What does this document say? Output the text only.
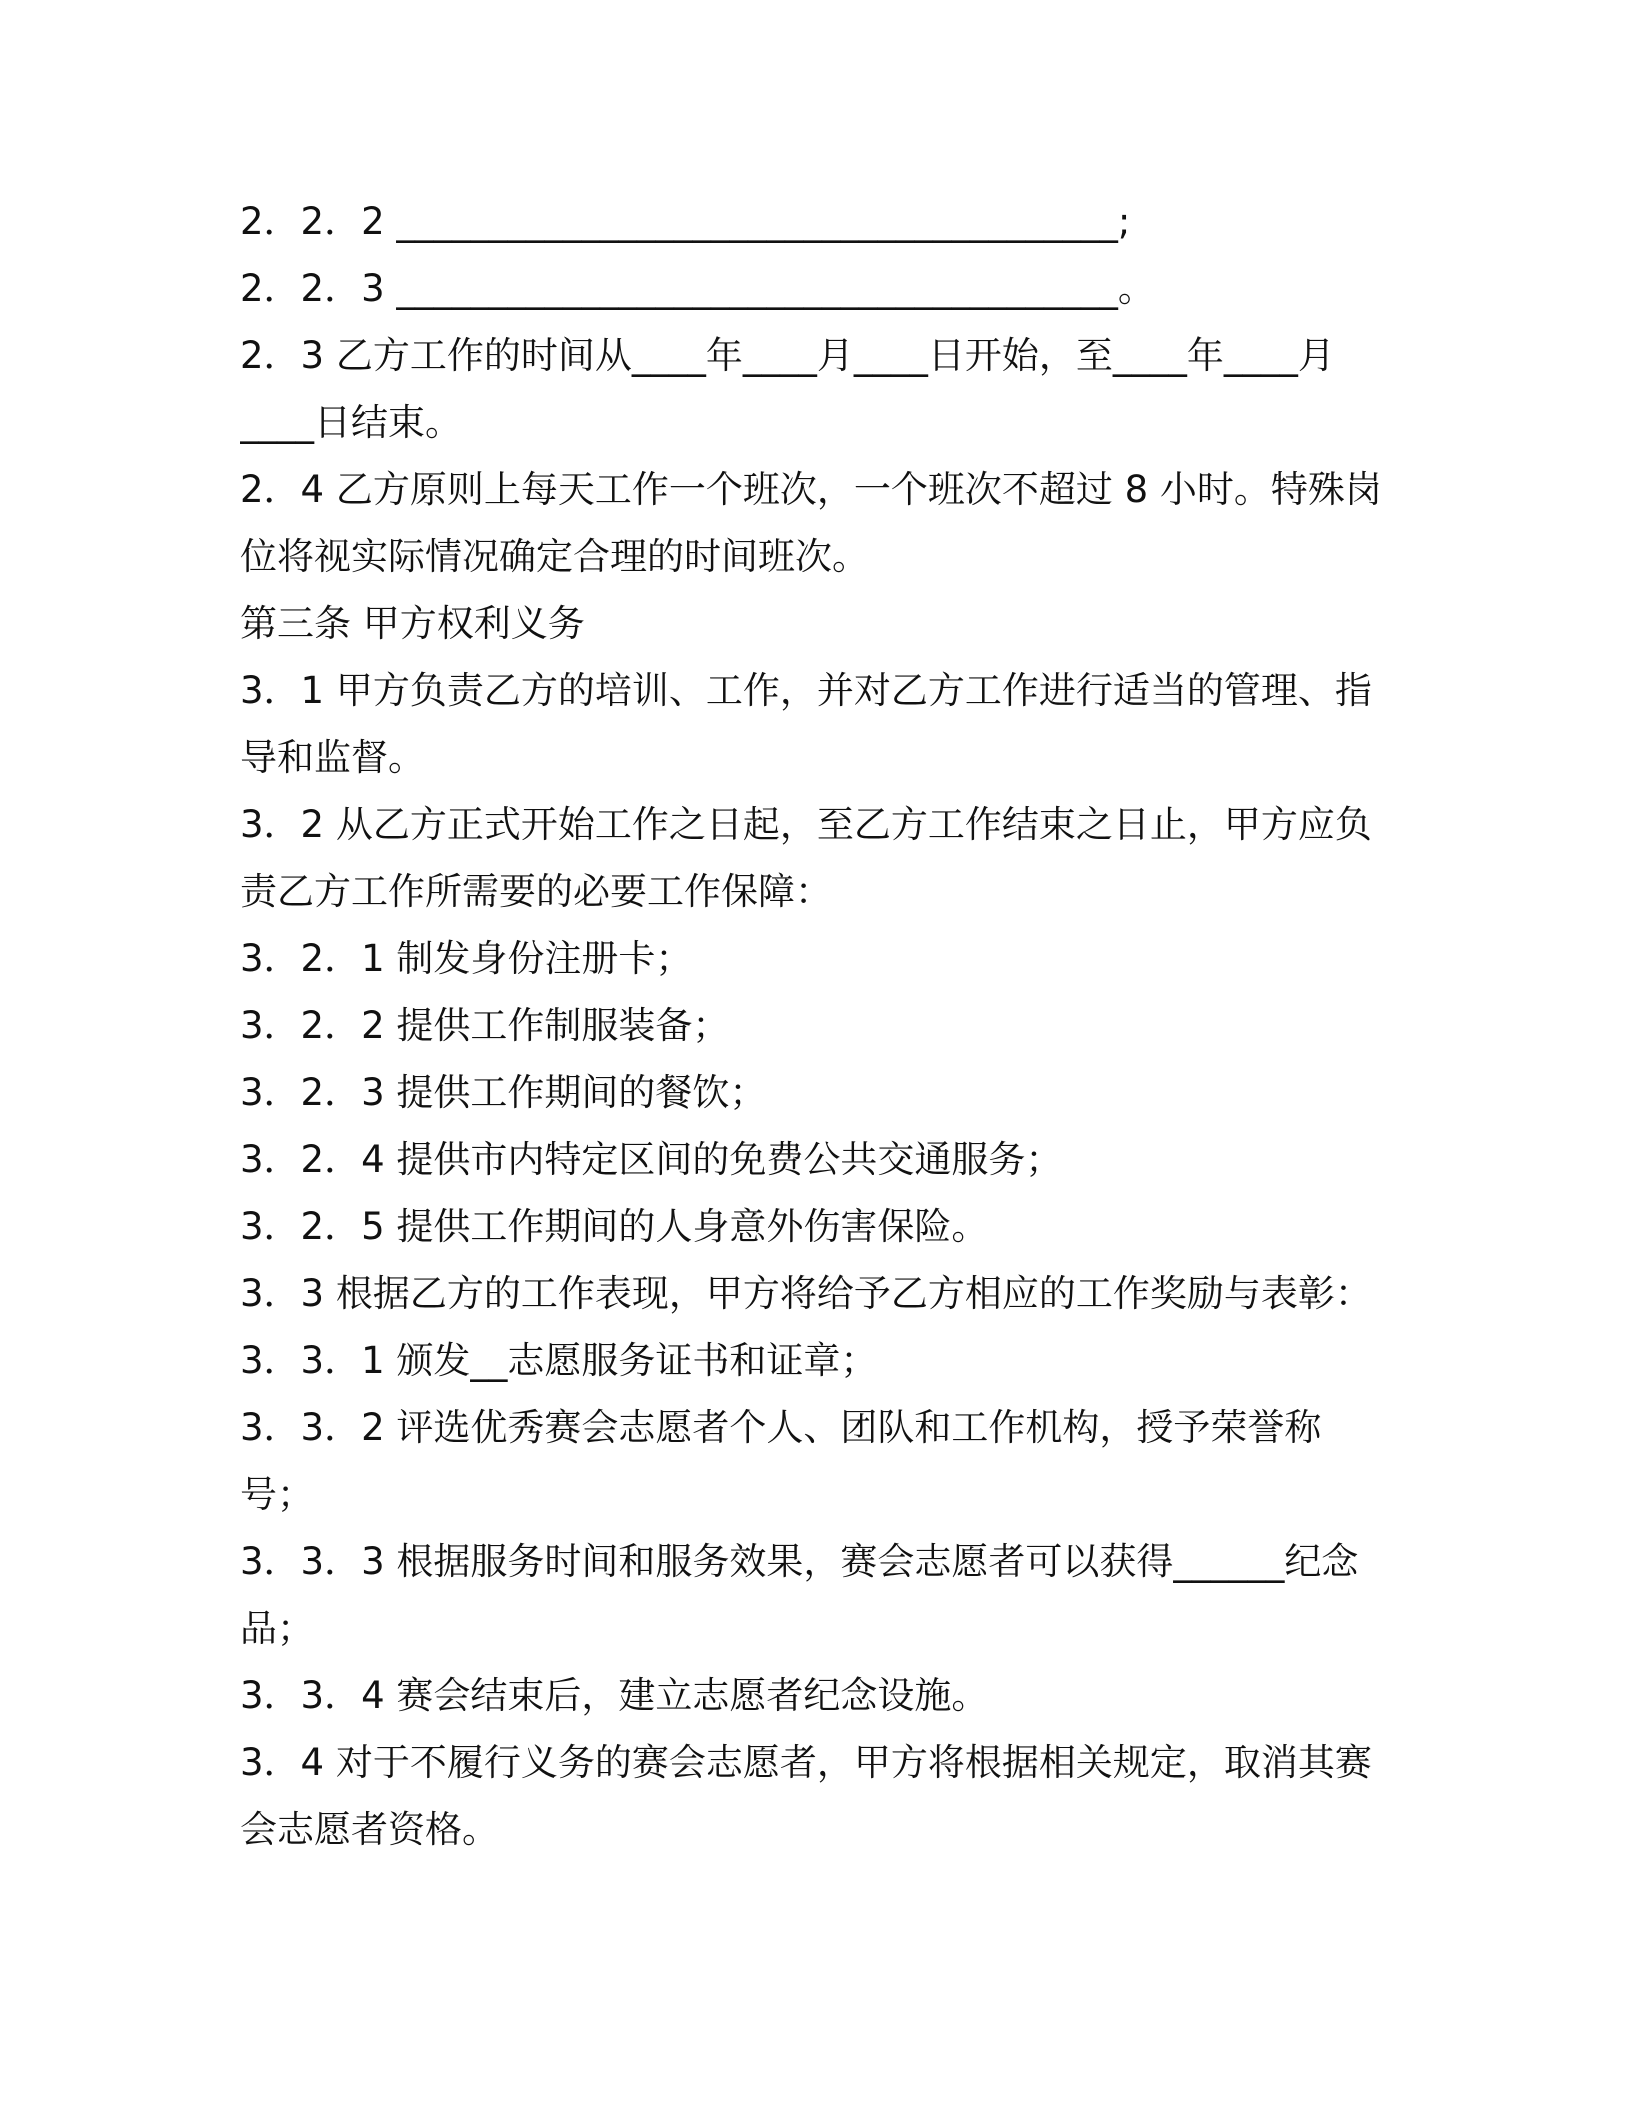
2．2．2 _______________________________________;
2．2．3 _______________________________________。
2．3 乙方工作的时间从____年____月____日开始，至____年____月
____日结束。
2．4 乙方原则上每天工作一个班次，一个班次不超过 8 小时。特殊岗
位将视实际情况确定合理的时间班次。
第三条 甲方权利义务
3．1 甲方负责乙方的培训、工作，并对乙方工作进行适当的管理、指
导和监督。
3．2 从乙方正式开始工作之日起，至乙方工作结束之日止，甲方应负
责乙方工作所需要的必要工作保障：
3．2．1 制发身份注册卡；
3．2．2 提供工作制服装备；
3．2．3 提供工作期间的餐饮；
3．2．4 提供市内特定区间的免费公共交通服务；
3．2．5 提供工作期间的人身意外伤害保险。
3．3 根据乙方的工作表现，甲方将给予乙方相应的工作奖励与表彰：
3．3．1 颁发__志愿服务证书和证章；
3．3．2 评选优秀赛会志愿者个人、团队和工作机构，授予荣誉称
号；
3．3．3 根据服务时间和服务效果，赛会志愿者可以获得______纪念
品；
3．3．4 赛会结束后，建立志愿者纪念设施。
3．4 对于不履行义务的赛会志愿者，甲方将根据相关规定，取消其赛
会志愿者资格。
